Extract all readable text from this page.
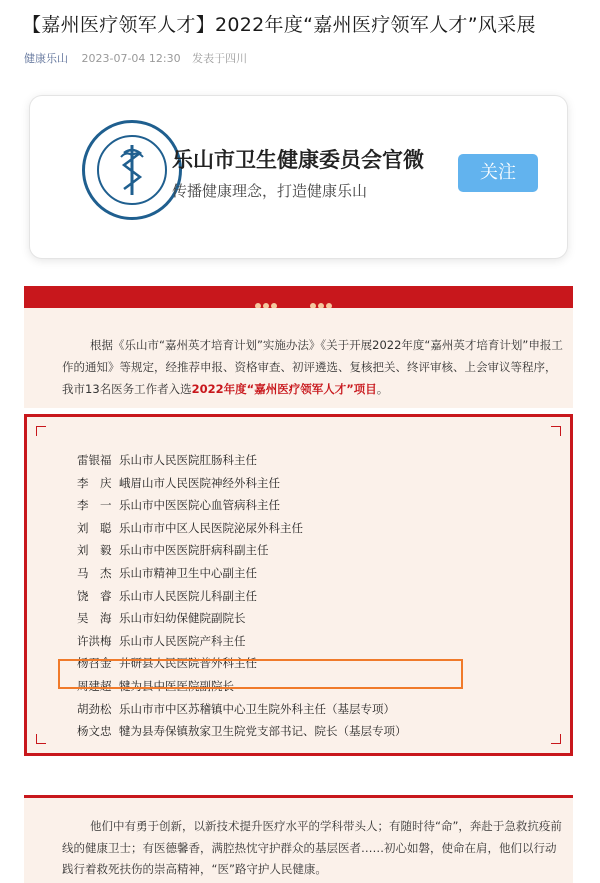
【嘉州医疗领军人才】2022年度“嘉州医疗领军人才”风采展
健康乐山 2023-07-04 12:30 发表于四川
乐山市卫生健康委员会官微
传播健康理念，打造健康乐山
关注

根据《乐山市“嘉州英才培育计划”实施办法》《关于开展2022年度“嘉州英才培育计划”申报工作的通知》等规定，经推荐申报、资格审查、初评遴选、复核把关、终评审核、上会审议等程序，我市13名医务工作者入选2022年度“嘉州医疗领军人才”项目。

雷银福 乐山市人民医院肛肠科主任
李　庆 峨眉山市人民医院神经外科主任
李　一 乐山市中医医院心血管病科主任
刘　聪 乐山市市中区人民医院泌尿外科主任
刘　毅 乐山市中医医院肝病科副主任
马　杰 乐山市精神卫生中心副主任
饶　睿 乐山市人民医院儿科副主任
吴　海 乐山市妇幼保健院副院长
许洪梅 乐山市人民医院产科主任
杨召金 井研县人民医院普外科主任
周建超 犍为县中医医院副院长
胡劲松 乐山市市中区苏稽镇中心卫生院外科主任（基层专项）
杨文忠 犍为县寿保镇敖家卫生院党支部书记、院长（基层专项）

他们中有勇于创新，以新技术提升医疗水平的学科带头人；有随时待“命”，奔赴于急救抗疫前线的健康卫士；有医德馨香，满腔热忱守护群众的基层医者……初心如磐，使命在肩，他们以行动践行着救死扶伤的崇高精神，“医”路守护人民健康。
